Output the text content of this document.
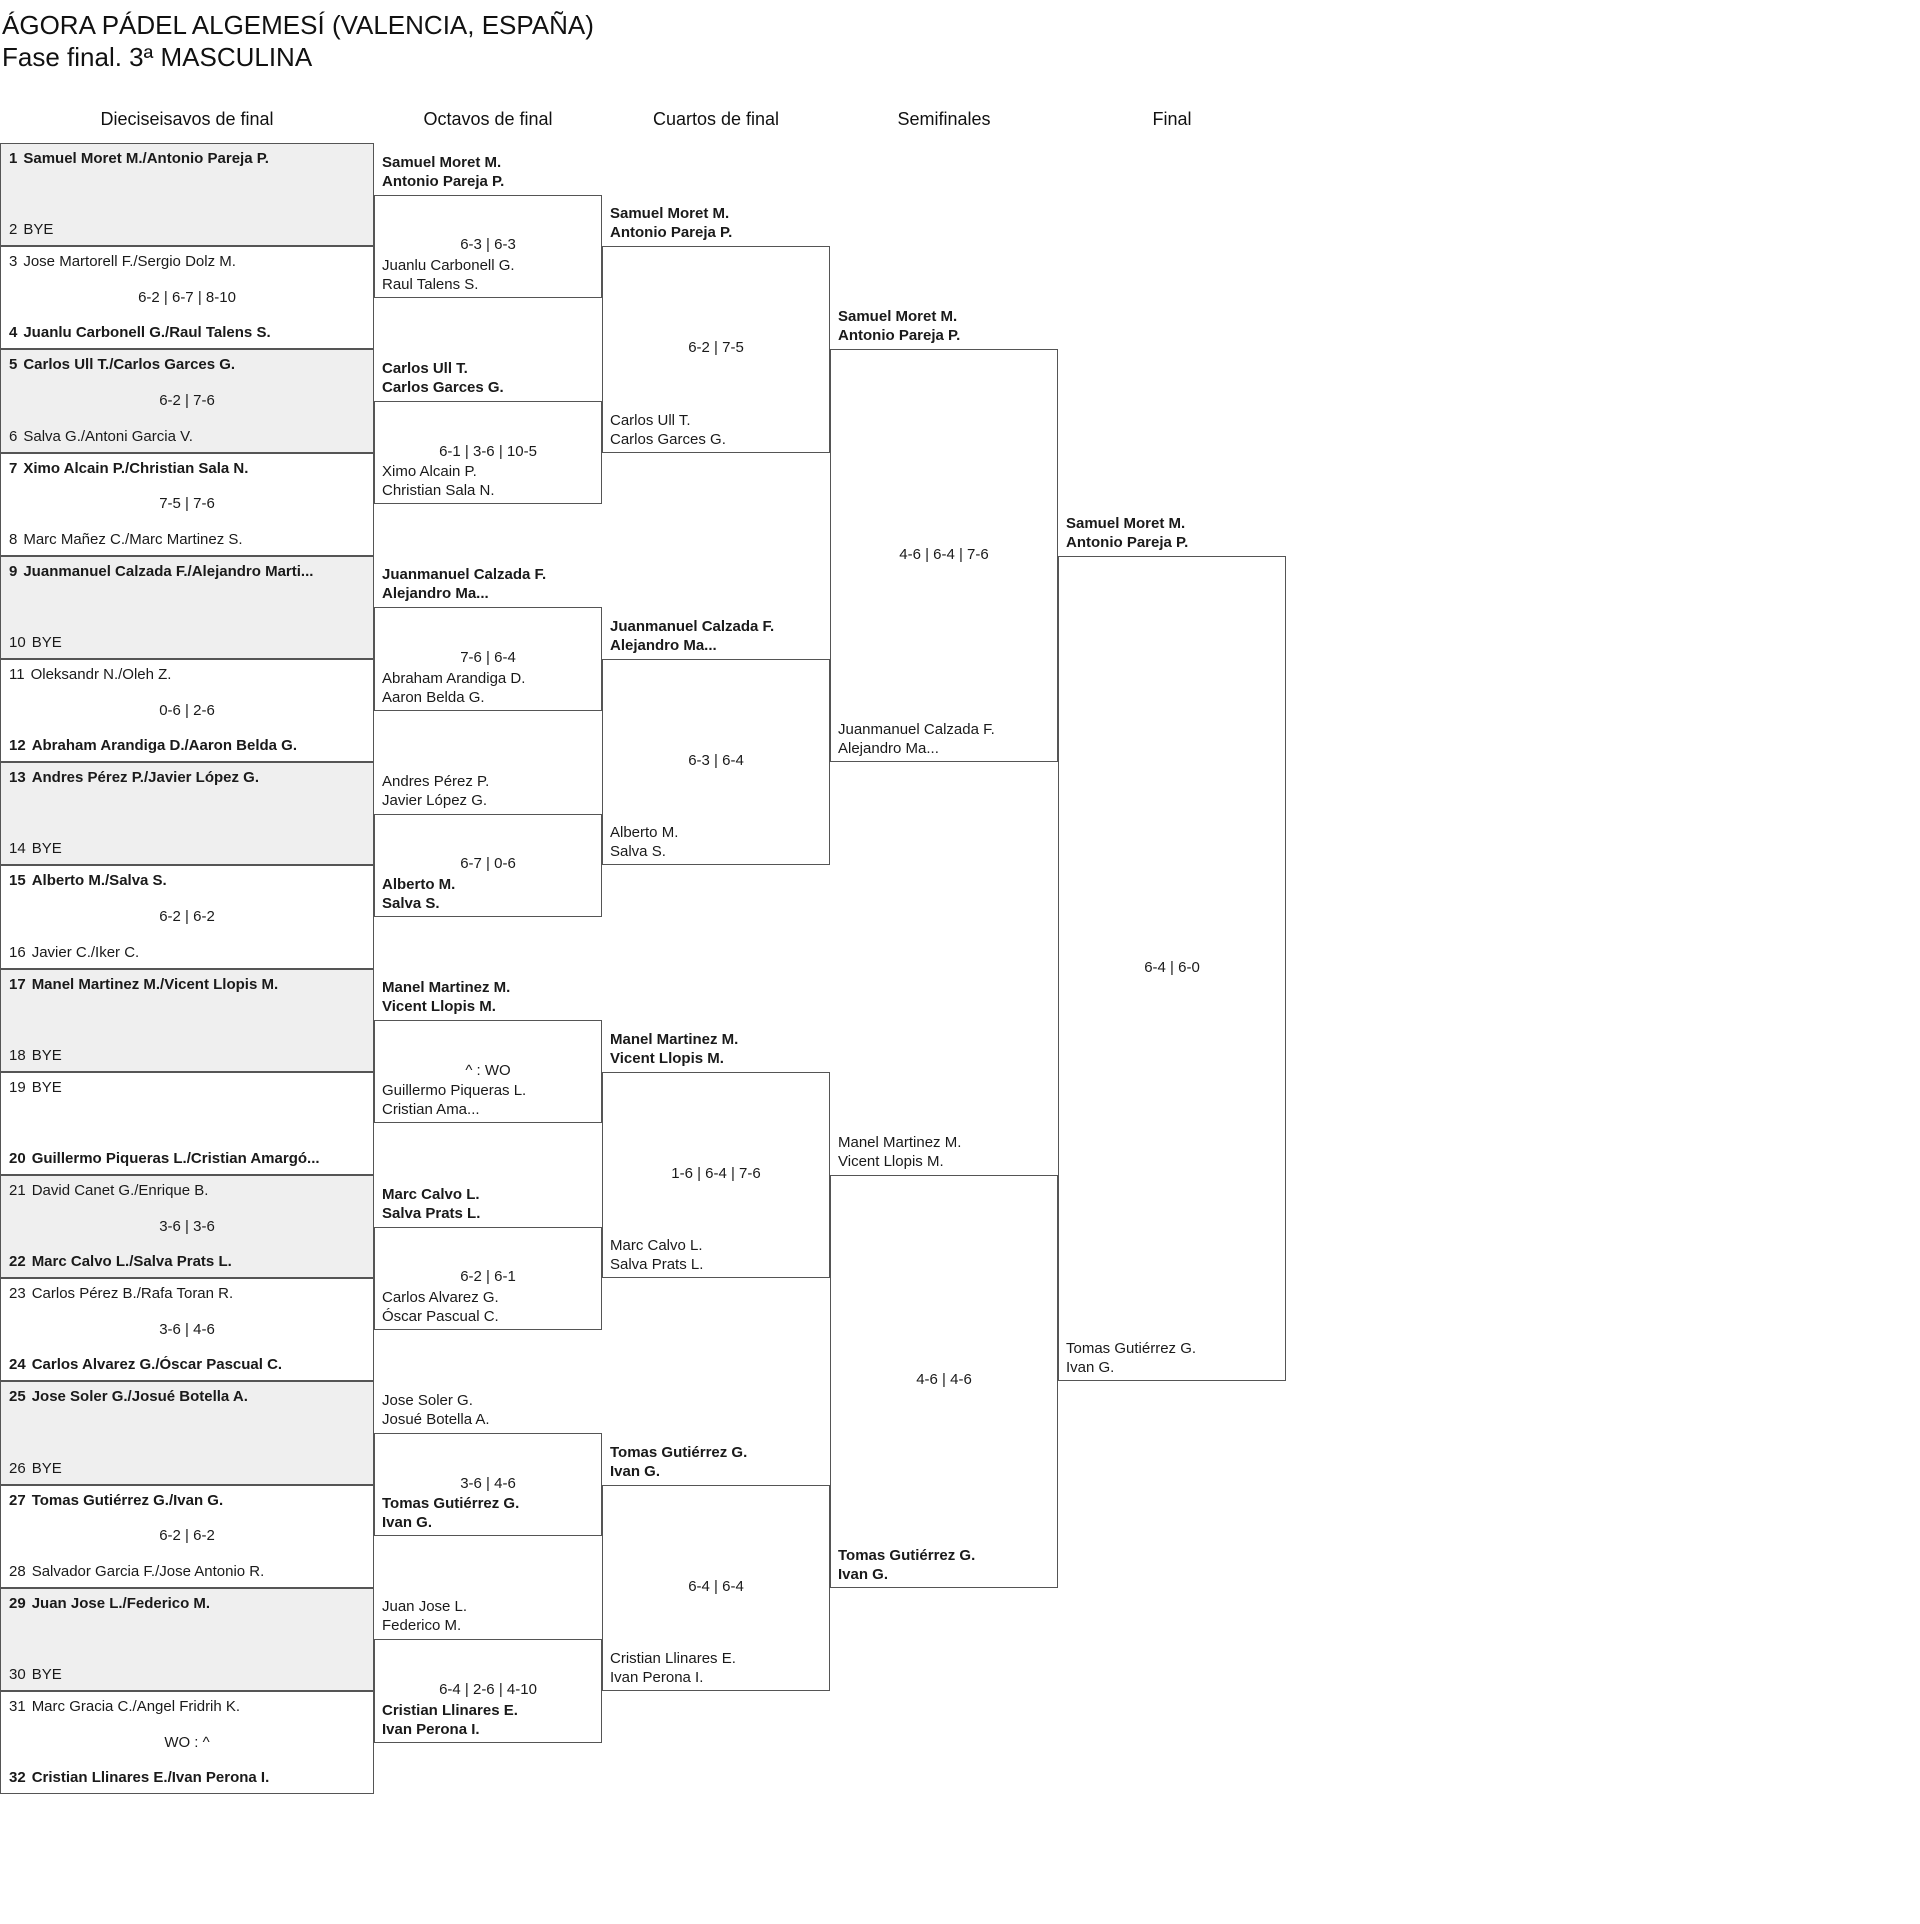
ÁGORA PÁDEL ALGEMESÍ (VALENCIA, ESPAÑA)
Fase final. 3ª MASCULINA
Dieciseisavos de final	Octavos de final	Cuartos de final	Semifinales	Final
1 Samuel Moret M./Antonio Pareja P.
2 BYE
3 Jose Martorell F./Sergio Dolz M.
4 Juanlu Carbonell G./Raul Talens S.
6-2 | 6-7 | 8-10
5 Carlos Ull T./Carlos Garces G.
6 Salva G./Antoni Garcia V.
6-2 | 7-6
7 Ximo Alcain P./Christian Sala N.
8 Marc Mañez C./Marc Martinez S.
7-5 | 7-6
9 Juanmanuel Calzada F./Alejandro Marti...
10 BYE
11 Oleksandr N./Oleh Z.
12 Abraham Arandiga D./Aaron Belda G.
0-6 | 2-6
13 Andres Pérez P./Javier López G.
14 BYE
15 Alberto M./Salva S.
16 Javier C./Iker C.
6-2 | 6-2
17 Manel Martinez M./Vicent Llopis M.
18 BYE
19 BYE
20 Guillermo Piqueras L./Cristian Amargó...
21 David Canet G./Enrique B.
22 Marc Calvo L./Salva Prats L.
3-6 | 3-6
23 Carlos Pérez B./Rafa Toran R.
24 Carlos Alvarez G./Óscar Pascual C.
3-6 | 4-6
25 Jose Soler G./Josué Botella A.
26 BYE
27 Tomas Gutiérrez G./Ivan G.
28 Salvador Garcia F./Jose Antonio R.
6-2 | 6-2
29 Juan Jose L./Federico M.
30 BYE
31 Marc Gracia C./Angel Fridrih K.
32 Cristian Llinares E./Ivan Perona I.
WO : ^
Samuel Moret M.
Antonio Pareja P.
Juanlu Carbonell G.
Raul Talens S.
6-3 | 6-3
Carlos Ull T.
Carlos Garces G.
Ximo Alcain P.
Christian Sala N.
6-1 | 3-6 | 10-5
Juanmanuel Calzada F.
Alejandro Ma...
Abraham Arandiga D.
Aaron Belda G.
7-6 | 6-4
Andres Pérez P.
Javier López G.
Alberto M.
Salva S.
6-7 | 0-6
Manel Martinez M.
Vicent Llopis M.
Guillermo Piqueras L.
Cristian Ama...
^ : WO
Marc Calvo L.
Salva Prats L.
Carlos Alvarez G.
Óscar Pascual C.
6-2 | 6-1
Jose Soler G.
Josué Botella A.
Tomas Gutiérrez G.
Ivan G.
3-6 | 4-6
Juan Jose L.
Federico M.
Cristian Llinares E.
Ivan Perona I.
6-4 | 2-6 | 4-10
Samuel Moret M.
Antonio Pareja P.
Carlos Ull T.
Carlos Garces G.
6-2 | 7-5
Juanmanuel Calzada F.
Alejandro Ma...
Alberto M.
Salva S.
6-3 | 6-4
Manel Martinez M.
Vicent Llopis M.
Marc Calvo L.
Salva Prats L.
1-6 | 6-4 | 7-6
Tomas Gutiérrez G.
Ivan G.
Cristian Llinares E.
Ivan Perona I.
6-4 | 6-4
Samuel Moret M.
Antonio Pareja P.
Juanmanuel Calzada F.
Alejandro Ma...
4-6 | 6-4 | 7-6
Manel Martinez M.
Vicent Llopis M.
Tomas Gutiérrez G.
Ivan G.
4-6 | 4-6
Samuel Moret M.
Antonio Pareja P.
Tomas Gutiérrez G.
Ivan G.
6-4 | 6-0
